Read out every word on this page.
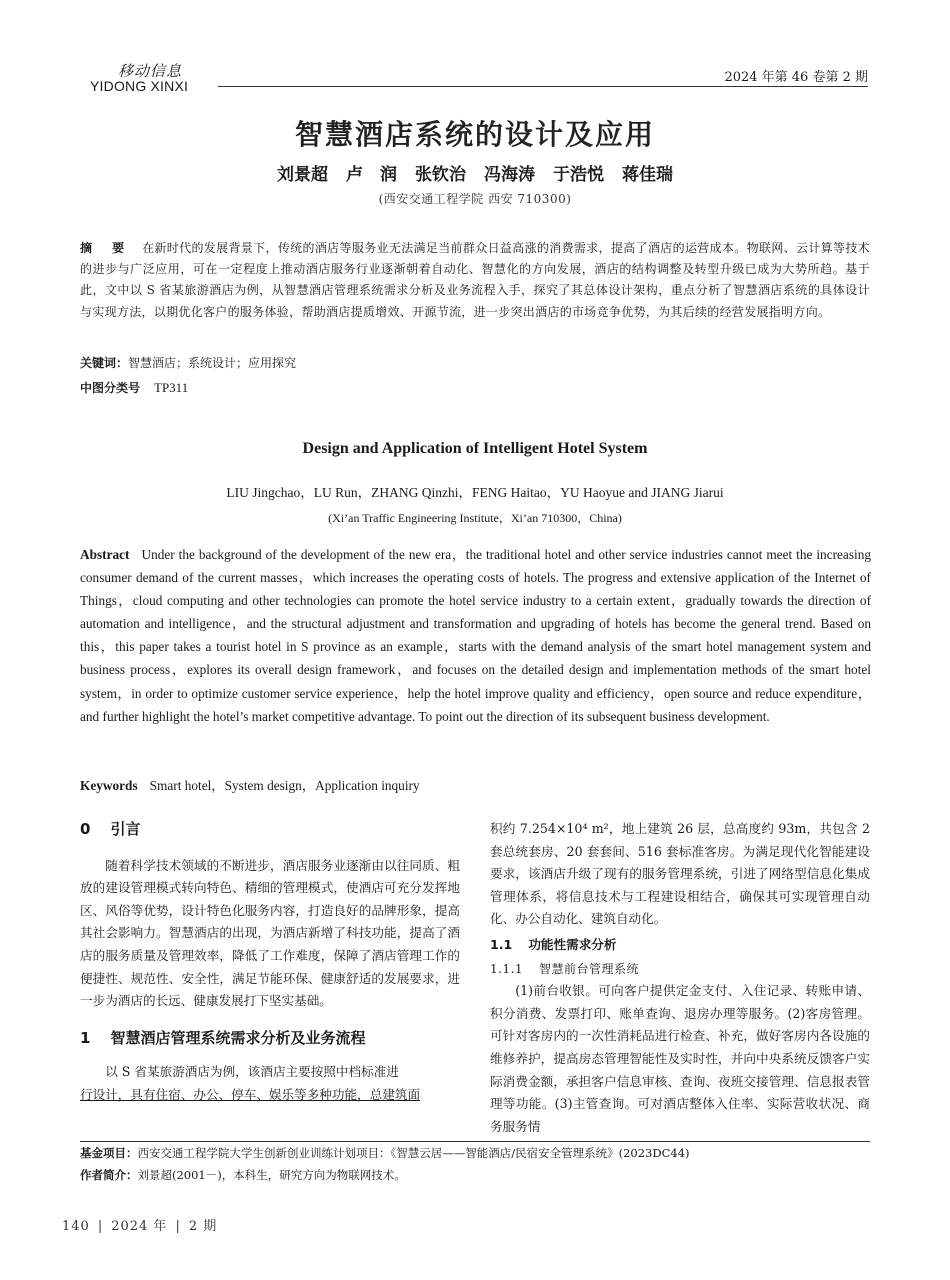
移动信息
YIDONG XINXI
2024 年第 46 卷第 2 期
智慧酒店系统的设计及应用
刘景超 卢　润 张钦治 冯海涛 于浩悦 蒋佳瑞
(西安交通工程学院 西安 710300)
摘　要 在新时代的发展背景下，传统的酒店等服务业无法满足当前群众日益高涨的消费需求，提高了酒店的运营成本。物联网、云计算等技术的进步与广泛应用，可在一定程度上推动酒店服务行业逐渐朝着自动化、智慧化的方向发展，酒店的结构调整及转型升级已成为大势所趋。基于此，文中以 S 省某旅游酒店为例，从智慧酒店管理系统需求分析及业务流程入手，探究了其总体设计架构，重点分析了智慧酒店系统的具体设计与实现方法，以期优化客户的服务体验，帮助酒店提质增效、开源节流，进一步突出酒店的市场竞争优势，为其后续的经营发展指明方向。
关键词：智慧酒店；系统设计；应用探究
中图分类号 TP311
Design and Application of Intelligent Hotel System
LIU Jingchao，LU Run，ZHANG Qinzhi，FENG Haitao，YU Haoyue and JIANG Jiarui
(Xi’an Traffic Engineering Institute，Xi’an 710300，China)
Abstract Under the background of the development of the new era，the traditional hotel and other service industries cannot meet the increasing consumer demand of the current masses，which increases the operating costs of hotels. The progress and extensive application of the Internet of Things，cloud computing and other technologies can promote the hotel service industry to a certain extent，gradually towards the direction of automation and intelligence，and the structural adjustment and transformation and upgrading of hotels has become the general trend. Based on this，this paper takes a tourist hotel in S province as an example，starts with the demand analysis of the smart hotel management system and business process，explores its overall design framework，and focuses on the detailed design and implementation methods of the smart hotel system，in order to optimize customer service experience，help the hotel improve quality and efficiency，open source and reduce expenditure，and further highlight the hotel’s market competitive advantage. To point out the direction of its subsequent business development.
Keywords Smart hotel，System design，Application inquiry

0 引言

随着科学技术领域的不断进步，酒店服务业逐渐由以往同质、粗放的建设管理模式转向特色、精细的管理模式，使酒店可充分发挥地区、风俗等优势，设计特色化服务内容，打造良好的品牌形象，提高其社会影响力。智慧酒店的出现，为酒店新增了科技功能，提高了酒店的服务质量及管理效率，降低了工作难度，保障了酒店管理工作的便捷性、规范性、安全性，满足节能环保、健康舒适的发展要求，进一步为酒店的长远、健康发展打下坚实基础。

1 智慧酒店管理系统需求分析及业务流程

以 S 省某旅游酒店为例，该酒店主要按照中档标准进

行设计，具有住宿、办公、停车、娱乐等多种功能，总建筑面

积约 7.254×10⁴ m²，地上建筑 26 层，总高度约 93m，共包含 2 套总统套房、20 套套间、516 套标准客房。为满足现代化智能建设要求，该酒店升级了现有的服务管理系统，引进了网络型信息化集成管理体系，将信息技术与工程建设相结合，确保其可实现管理自动化、办公自动化、建筑自动化。

1.1 功能性需求分析

1.1.1 智慧前台管理系统

(1)前台收银。可向客户提供定金支付、入住记录、转账申请、积分消费、发票打印、账单查询、退房办理等服务。(2)客房管理。可针对客房内的一次性消耗品进行检查、补充，做好客房内各设施的维修养护，提高房态管理智能性及实时性，并向中央系统反馈客户实际消费金额，承担客户信息审核、查询、夜班交接管理、信息报表管理等功能。(3)主管查询。可对酒店整体入住率、实际营收状况、商务服务情

基金项目：西安交通工程学院大学生创新创业训练计划项目：《智慧云居——智能酒店/民宿安全管理系统》(2023DC44)
作者简介：刘景超(2001－)，本科生，研究方向为物联网技术。
140 | 2024 年 | 2 期
